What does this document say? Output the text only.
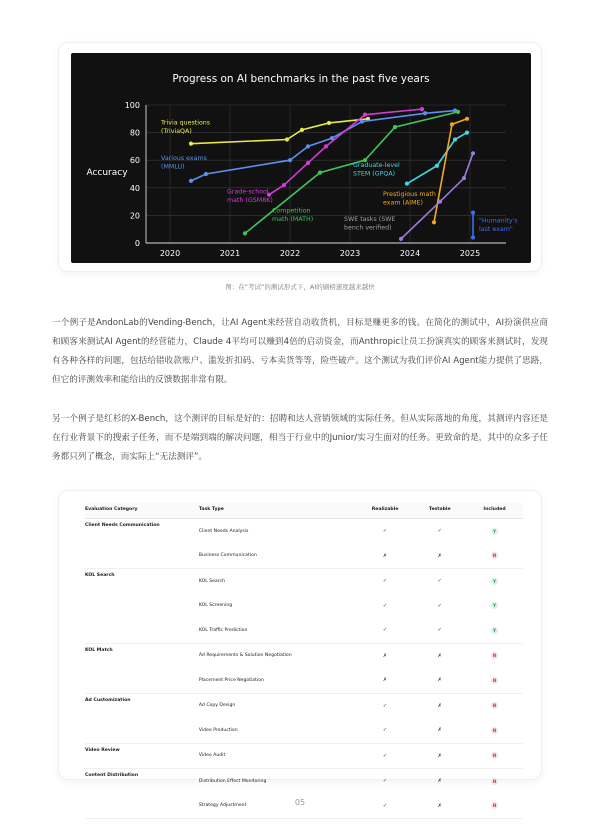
Progress on AI benchmarks in the past five years
Accuracy
0
20
40
60
80
100
2020	2021	2022	2023	2024	2025
Trivia questions
(TriviaQA)
Various exams
(MMLU)
Grade-school
math (GSM8K)
Competition
math (MATH)
Graduate-level
STEM (GPQA)
Prestigious math
exam (AIME)
SWE tasks (SWE
bench verified)
"Humanity's
last exam"
图：在“考试”的测试形式下，AI的刷榜速度越来越快

一个例子是AndonLab的Vending-Bench，让AI Agent来经营自动收货机，目标是赚更多的钱。在简化的测试中，AI扮演供应商和顾客来测试AI Agent的经营能力，Claude 4平均可以赚到4倍的启动资金，而Anthropic让员工扮演真实的顾客来测试时，发现有各种各样的问题，包括给错收款账户、滥发折扣码、亏本卖货等等，险些破产。这个测试为我们评价AI Agent能力提供了思路，但它的评测效率和能给出的反馈数据非常有限。

另一个例子是红杉的X-Bench，这个测评的目标是好的：招聘和达人营销领域的实际任务。但从实际落地的角度，其测评内容还是在行业背景下的搜索子任务，而不是端到端的解决问题，相当于行业中的Junior/实习生面对的任务。更致命的是，其中的众多子任务都只列了概念，而实际上“无法测评”。

Evaluation Category	Task Type	Realizable	Testable	Included
Client Needs Communication	Client Needs Analysis	✓	✓	Y
	Business Communication	✗	✗	N
KOL Search	KOL Search	✓	✓	Y
	KOL Screening	✓	✓	Y
	KOL Traffic Prediction	✓	✓	Y
KOL Match	Ad Requirements & Solution Negotiation	✗	✗	N
	Placement Price Negotiation	✗	✗	N
Ad Customization	Ad Copy Design	✓	✗	N
	Video Production	✓	✗	N
Video Review	Video Audit	✓	✗	N
Content Distribution	Distribution Effect Monitoring	✓	✗	N
	Strategy Adjustment	✓	✗	N
05
